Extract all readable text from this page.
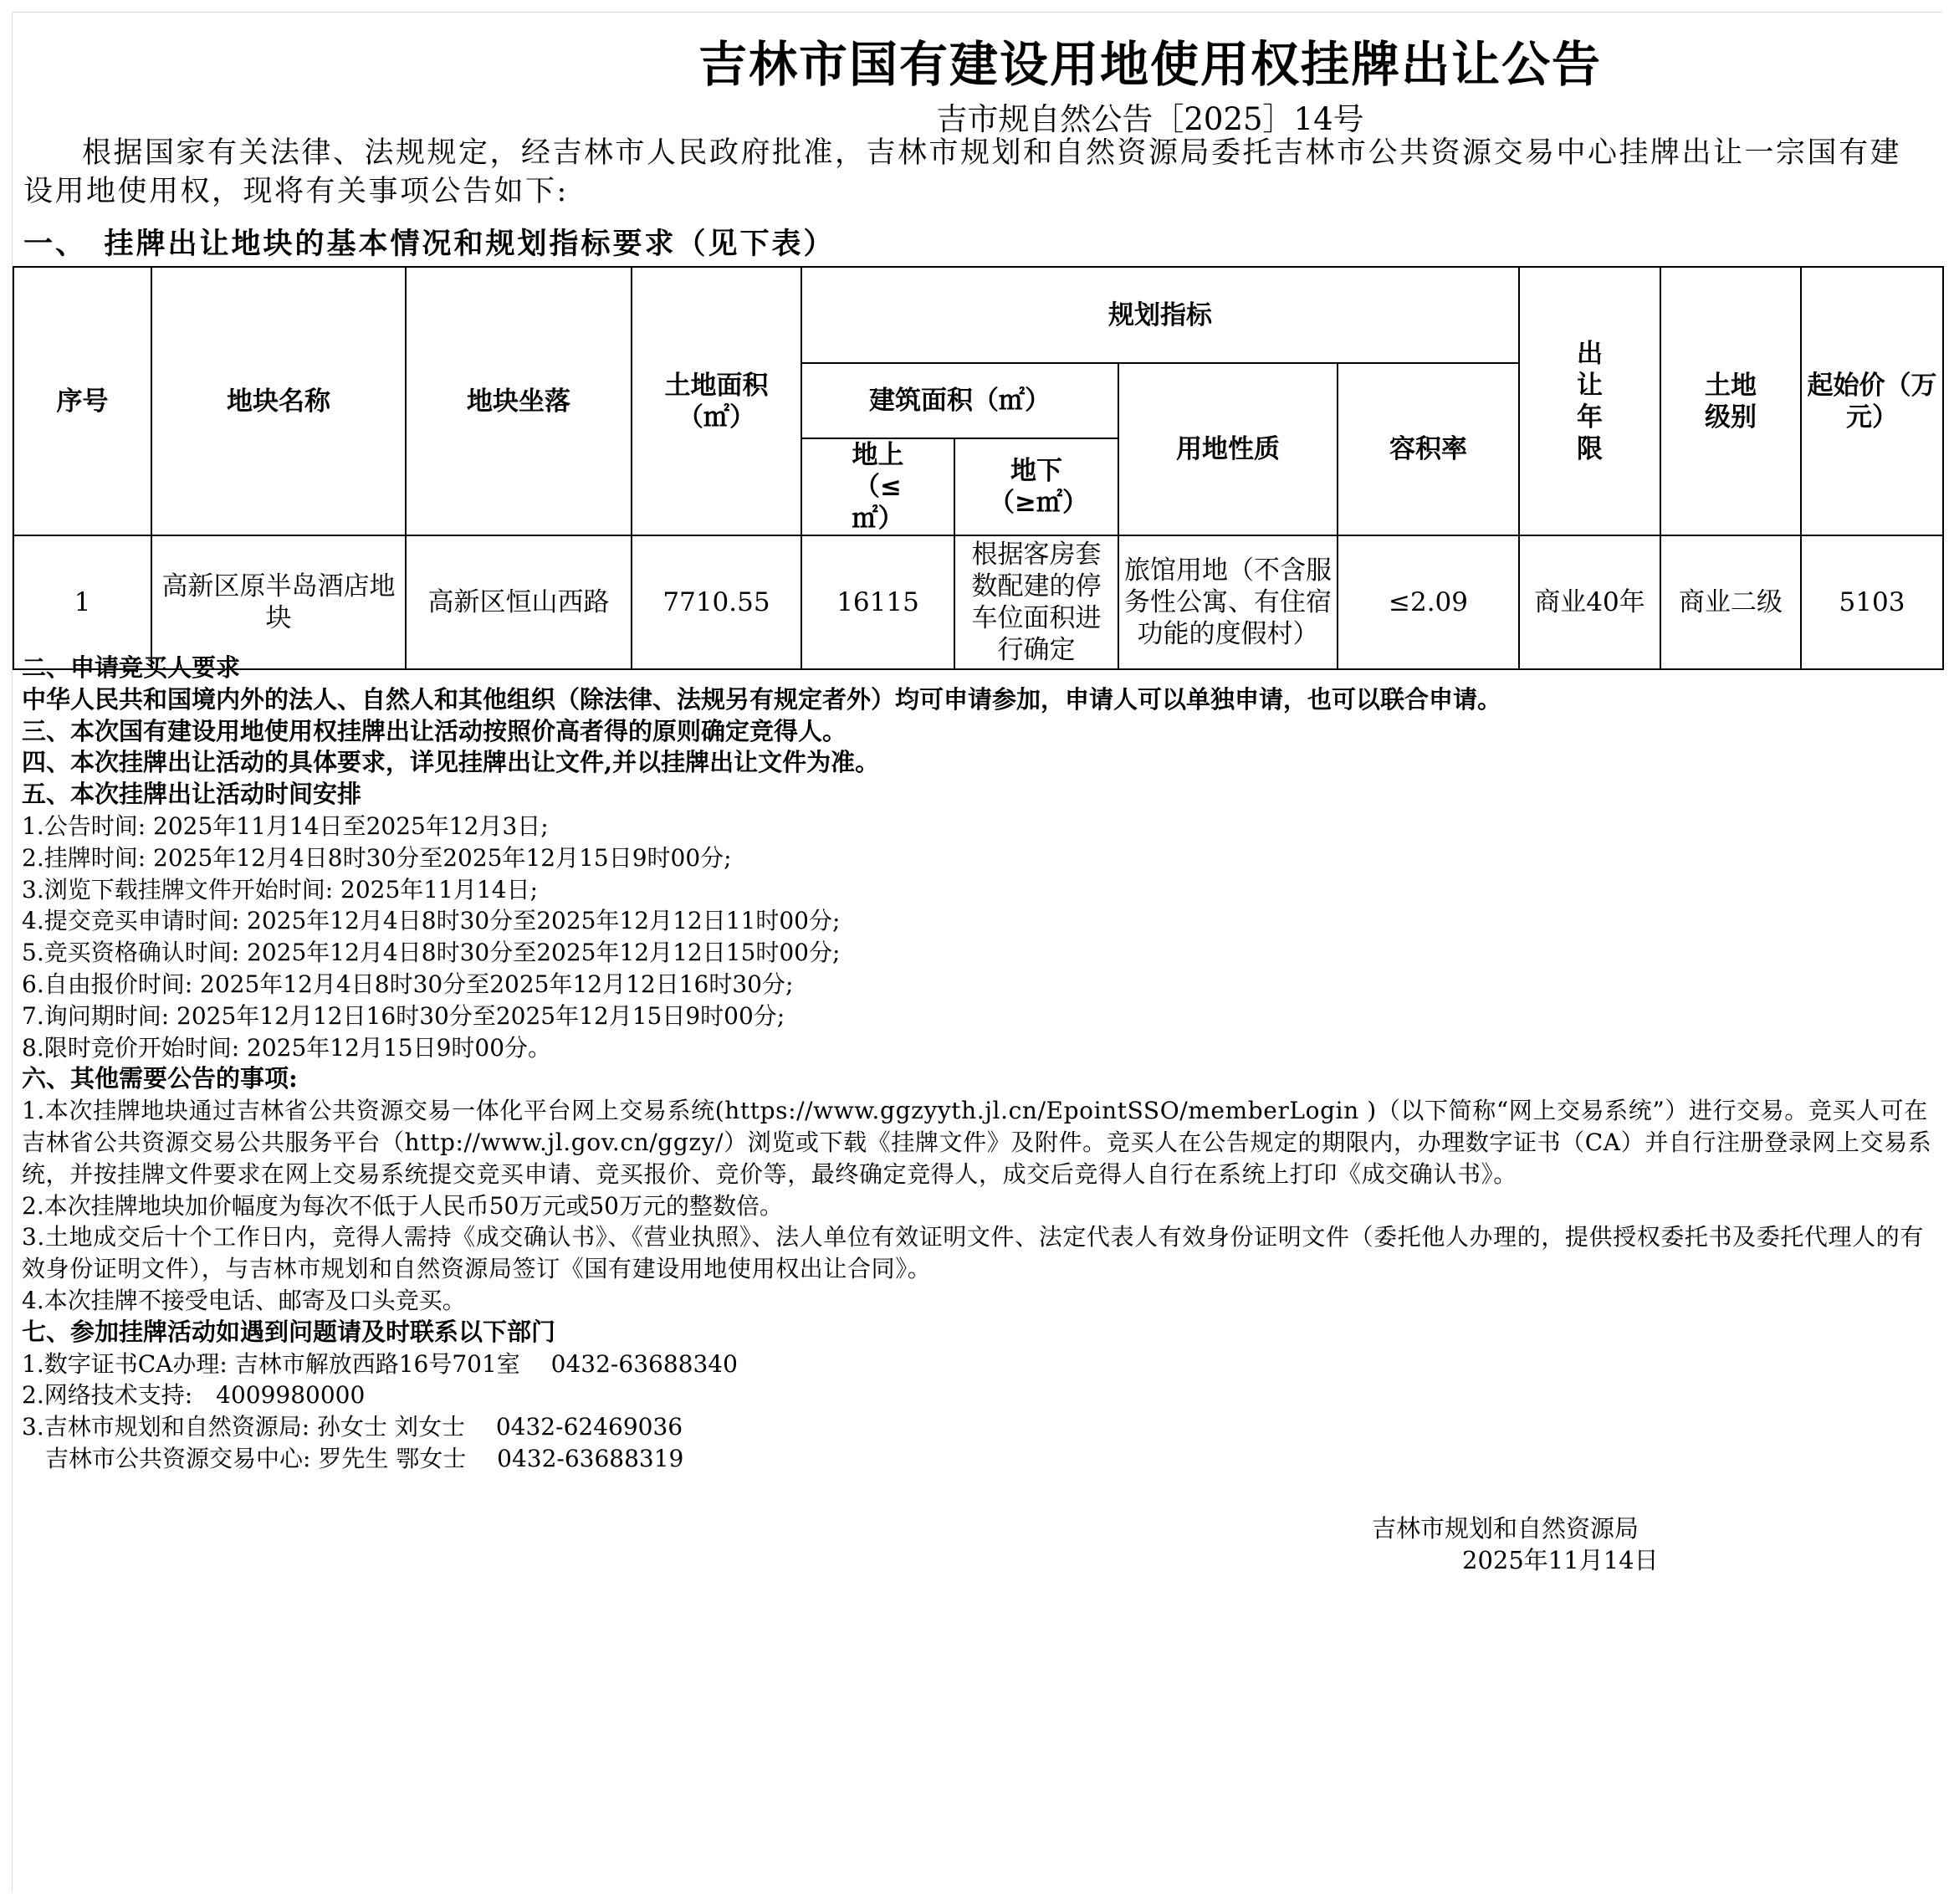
吉林市国有建设用地使用权挂牌出让公告
吉市规自然公告［2025］14号
根据国家有关法律、法规规定，经吉林市人民政府批准，吉林市规划和自然资源局委托吉林市公共资源交易中心挂牌出让一宗国有建设用地使用权，现将有关事项公告如下:
一、　挂牌出让地块的基本情况和规划指标要求（见下表）
序号	地块名称	地块坐落	土地面积（㎡）	规划指标				出 让 年 限	土地级别	起始价（万元）
				建筑面积（㎡）		用地性质	容积率			
				地上（≤㎡）	地下（≥㎡）					
1	高新区原半岛酒店地块	高新区恒山西路	7710.55	16115	根据客房套数配建的停车位面积进行确定	旅馆用地（不含服务性公寓、有住宿功能的度假村）	≤2.09	商业40年	商业二级	5103
二、申请竞买人要求
中华人民共和国境内外的法人、自然人和其他组织（除法律、法规另有规定者外）均可申请参加，申请人可以单独申请，也可以联合申请。
三、本次国有建设用地使用权挂牌出让活动按照价高者得的原则确定竞得人。
四、本次挂牌出让活动的具体要求，详见挂牌出让文件,并以挂牌出让文件为准。
五、本次挂牌出让活动时间安排
1.公告时间: 2025年11月14日至2025年12月3日;
2.挂牌时间: 2025年12月4日8时30分至2025年12月15日9时00分;
3.浏览下载挂牌文件开始时间: 2025年11月14日;
4.提交竞买申请时间: 2025年12月4日8时30分至2025年12月12日11时00分;
5.竞买资格确认时间: 2025年12月4日8时30分至2025年12月12日15时00分;
6.自由报价时间: 2025年12月4日8时30分至2025年12月12日16时30分;
7.询问期时间: 2025年12月12日16时30分至2025年12月15日9时00分;
8.限时竞价开始时间: 2025年12月15日9时00分。
六、其他需要公告的事项:
1.本次挂牌地块通过吉林省公共资源交易一体化平台网上交易系统(https://www.ggzyyth.jl.cn/EpointSSO/memberLogin )（以下简称“网上交易系统”）进行交易。竞买人可在吉林省公共资源交易公共服务平台（http://www.jl.gov.cn/ggzy/）浏览或下载《挂牌文件》及附件。竞买人在公告规定的期限内，办理数字证书（CA）并自行注册登录网上交易系统，并按挂牌文件要求在网上交易系统提交竞买申请、竞买报价、竞价等，最终确定竞得人，成交后竞得人自行在系统上打印《成交确认书》。
2.本次挂牌地块加价幅度为每次不低于人民币50万元或50万元的整数倍。
3.土地成交后十个工作日内，竞得人需持《成交确认书》、《营业执照》、法人单位有效证明文件、法定代表人有效身份证明文件（委托他人办理的，提供授权委托书及委托代理人的有效身份证明文件），与吉林市规划和自然资源局签订《国有建设用地使用权出让合同》。
4.本次挂牌不接受电话、邮寄及口头竞买。
七、参加挂牌活动如遇到问题请及时联系以下部门
1.数字证书CA办理: 吉林市解放西路16号701室　 0432-63688340
2.网络技术支持:　4009980000
3.吉林市规划和自然资源局: 孙女士 刘女士　 0432-62469036
　吉林市公共资源交易中心: 罗先生 鄂女士　 0432-63688319
吉林市规划和自然资源局
2025年11月14日
